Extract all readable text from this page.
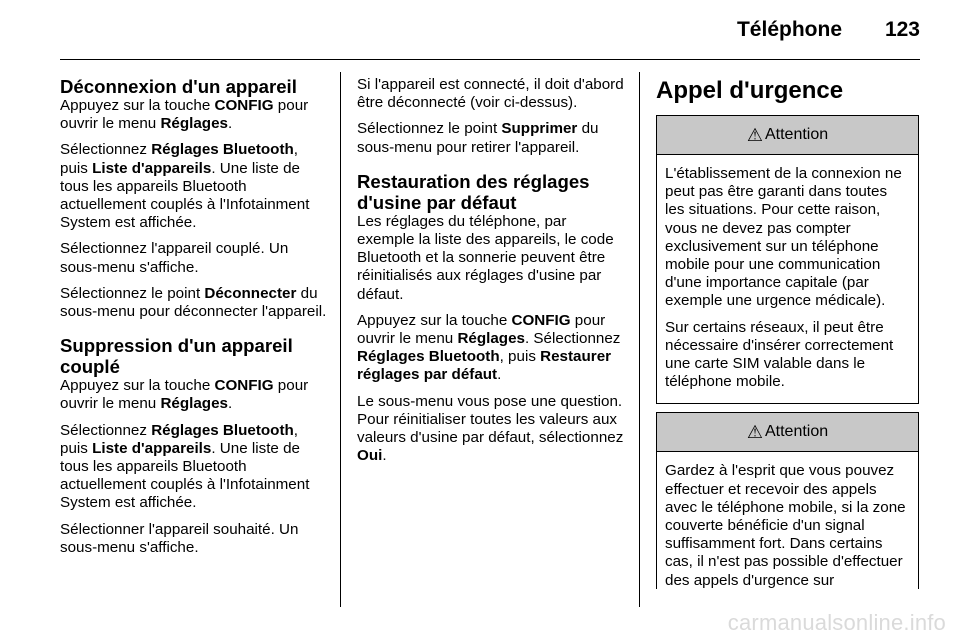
Téléphone 123
Déconnexion d'un appareil

Appuyez sur la touche CONFIG pour ouvrir le menu Réglages.

Sélectionnez Réglages Bluetooth, puis Liste d'appareils. Une liste de tous les appareils Bluetooth actuellement couplés à l'Infotainment System est affichée.

Sélectionnez l'appareil couplé. Un sous-menu s'affiche.

Sélectionnez le point Déconnecter du sous-menu pour déconnecter l'appareil.

Suppression d'un appareil couplé

Appuyez sur la touche CONFIG pour ouvrir le menu Réglages.

Sélectionnez Réglages Bluetooth, puis Liste d'appareils. Une liste de tous les appareils Bluetooth actuellement couplés à l'Infotainment System est affichée.

Sélectionner l'appareil souhaité. Un sous-menu s'affiche.

Si l'appareil est connecté, il doit d'abord être déconnecté (voir ci-dessus).

Sélectionnez le point Supprimer du sous-menu pour retirer l'appareil.

Restauration des réglages d'usine par défaut

Les réglages du téléphone, par exemple la liste des appareils, le code Bluetooth et la sonnerie peuvent être réinitialisés aux réglages d'usine par défaut.

Appuyez sur la touche CONFIG pour ouvrir le menu Réglages. Sélectionnez Réglages Bluetooth, puis Restaurer réglages par défaut.

Le sous-menu vous pose une question. Pour réinitialiser toutes les valeurs aux valeurs d'usine par défaut, sélectionnez Oui.

Appel d'urgence
⚠ Attention

L'établissement de la connexion ne peut pas être garanti dans toutes les situations. Pour cette raison, vous ne devez pas compter exclusivement sur un téléphone mobile pour une communication d'une importance capitale (par exemple une urgence médicale).

Sur certains réseaux, il peut être nécessaire d'insérer correctement une carte SIM valable dans le téléphone mobile.

⚠ Attention

Gardez à l'esprit que vous pouvez effectuer et recevoir des appels avec le téléphone mobile, si la zone couverte bénéficie d'un signal suffisamment fort. Dans certains cas, il n'est pas possible d'effectuer des appels d'urgence sur

carmanualsonline.info
